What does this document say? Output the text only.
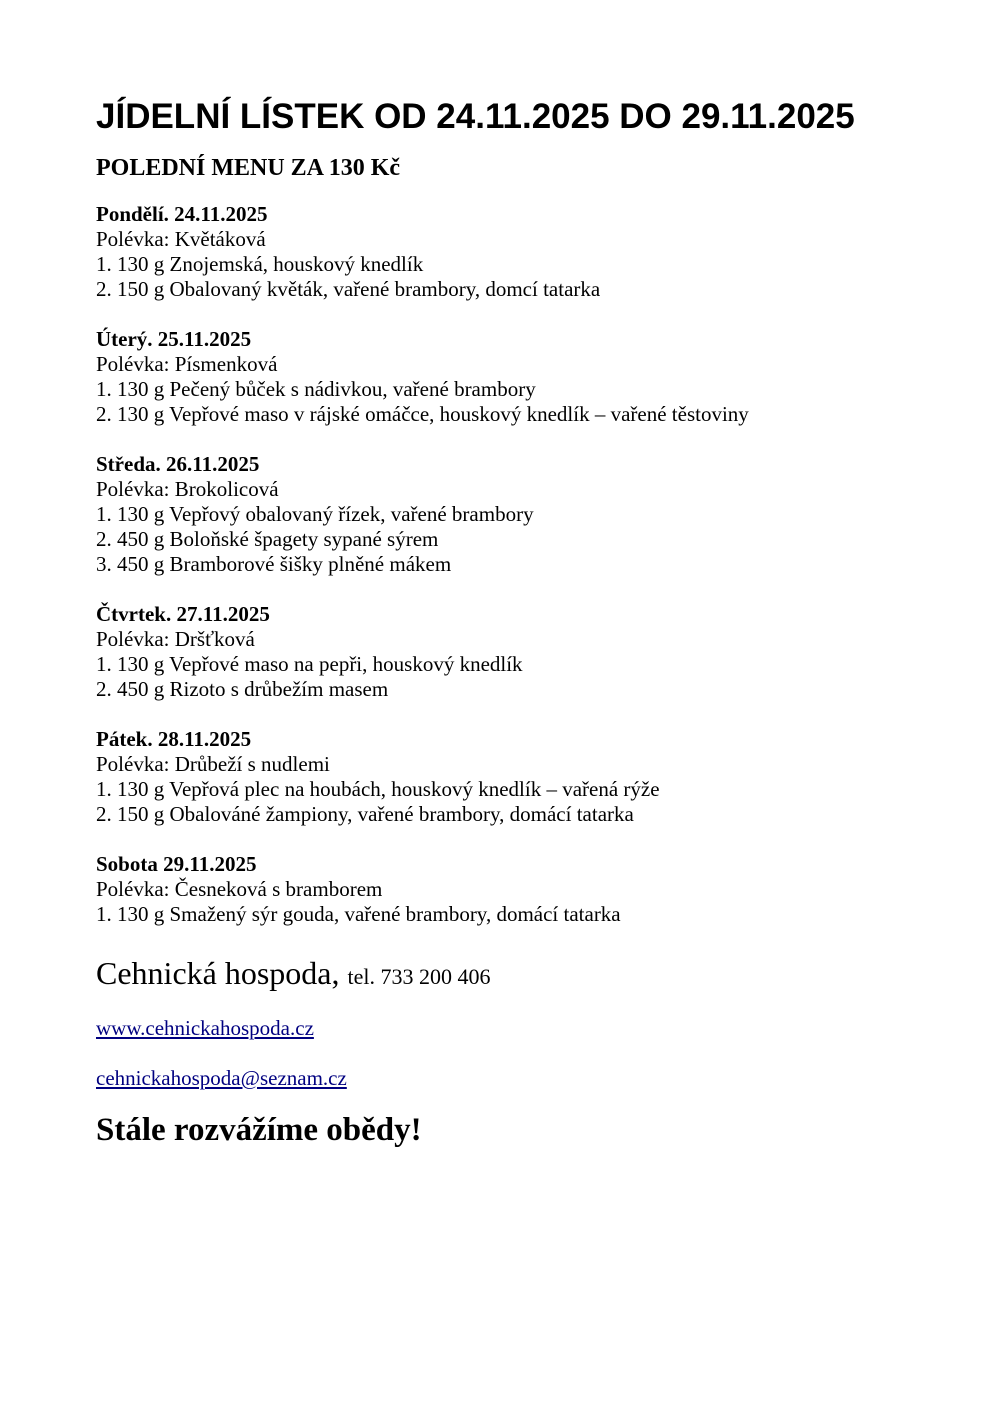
JÍDELNÍ LÍSTEK OD 24.11.2025 DO 29.11.2025
POLEDNÍ MENU ZA 130 Kč
Pondělí. 24.11.2025
Polévka: Květáková
1. 130 g Znojemská, houskový knedlík
2. 150 g Obalovaný květák, vařené brambory, domcí tatarka
Úterý. 25.11.2025
Polévka: Písmenková
1. 130 g Pečený bůček s nádivkou, vařené brambory
2. 130 g Vepřové maso v rájské omáčce, houskový knedlík – vařené těstoviny
Středa. 26.11.2025
Polévka: Brokolicová
1. 130 g Vepřový obalovaný řízek, vařené brambory
2. 450 g Boloňské špagety sypané sýrem
3. 450 g Bramborové šišky plněné mákem
Čtvrtek. 27.11.2025
Polévka: Dršťková
1. 130 g Vepřové maso na pepři, houskový knedlík
2. 450 g Rizoto s drůbežím masem
Pátek. 28.11.2025
Polévka: Drůbeží s nudlemi
1. 130 g Vepřová plec na houbách, houskový knedlík – vařená rýže
2. 150 g Obalováné žampiony, vařené brambory, domácí tatarka
Sobota 29.11.2025
Polévka: Česneková s bramborem
1. 130 g Smažený sýr gouda, vařené brambory, domácí tatarka
Cehnická hospoda, tel. 733 200 406
www.cehnickahospoda.cz
cehnickahospoda@seznam.cz
Stále rozvážíme obědy!
